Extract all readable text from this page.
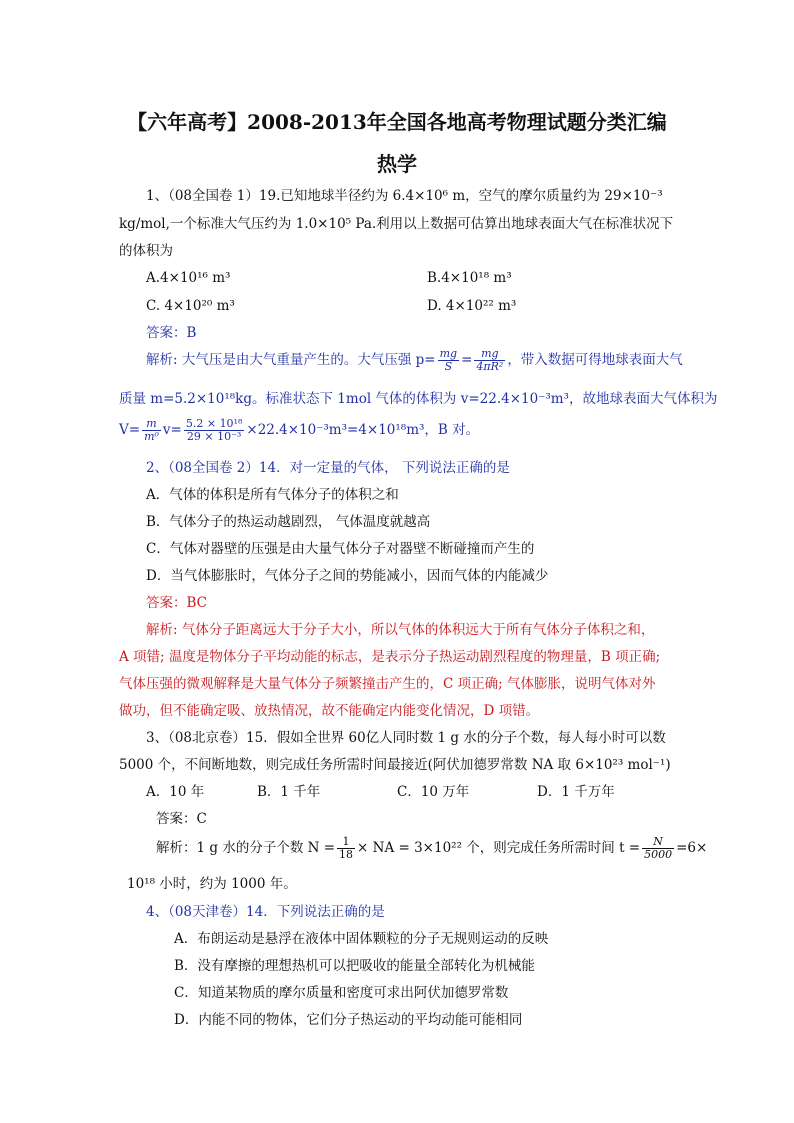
【六年高考】2008-2013年全国各地高考物理试题分类汇编
热学
1、（08全国卷 1）19.已知地球半径约为 6.4×10⁶ m，空气的摩尔质量约为 29×10⁻³
kg/mol,一个标准大气压约为 1.0×10⁵ Pa.利用以上数据可估算出地球表面大气在标准状况下
的体积为
A.4×10¹⁶ m³	B.4×10¹⁸ m³
C. 4×10²⁰ m³	D. 4×10²² m³
答案：B
解析: 大气压是由大气重量产生的。大气压强 $p= \frac{mg}{S} = \frac{mg}{\text{4πR²}}$ ，带入数据可得地球表面大气
质量 m=5.2×10¹⁸kg。标准状态下 1mol 气体的体积为 v=22.4×10⁻³m³，故地球表面大气体积为
$V= \frac{m}{\text{m⁰}} v= \frac{\text{5.2 × 10¹⁸}}{\text{29 × 10⁻³}} \times 22.4\times 10^{-3}m^3=4\times 10^{18}m^3$，B 对。
2、（08全国卷 2）14．对一定量的气体， 下列说法正确的是
A．气体的体积是所有气体分子的体积之和
B．气体分子的热运动越剧烈， 气体温度就越高
C．气体对器壁的压强是由大量气体分子对器壁不断碰撞而产生的
D．当气体膨胀时，气体分子之间的势能减小，因而气体的内能减少
答案：BC
解析: 气体分子距离远大于分子大小，所以气体的体积远大于所有气体分子体积之和，
A 项错; 温度是物体分子平均动能的标志，是表示分子热运动剧烈程度的物理量，B 项正确;
气体压强的微观解释是大量气体分子频繁撞击产生的，C 项正确; 气体膨胀，说明气体对外
做功，但不能确定吸、放热情况，故不能确定内能变化情况，D 项错。
3、（08北京卷）15．假如全世界 60亿人同时数 1 g 水的分子个数，每人每小时可以数
5000 个，不间断地数，则完成任务所需时间最接近(阿伏加德罗常数 NA 取 6×10²³ mol⁻¹)
A．10 年	B．1 千年	C．10 万年	D．1 千万年
答案：C
解析：1 g 水的分子个数 $N = \frac{1}{18}$ × NA = 3×10²² 个，则完成任务所需时间 $t = \frac{N}{5000} =6\times$
10¹⁸ 小时，约为 1000 年。
4、（08天津卷）14．下列说法正确的是
A．布朗运动是悬浮在液体中固体颗粒的分子无规则运动的反映
B．没有摩擦的理想热机可以把吸收的能量全部转化为机械能
C．知道某物质的摩尔质量和密度可求出阿伏加德罗常数
D．内能不同的物体，它们分子热运动的平均动能可能相同
